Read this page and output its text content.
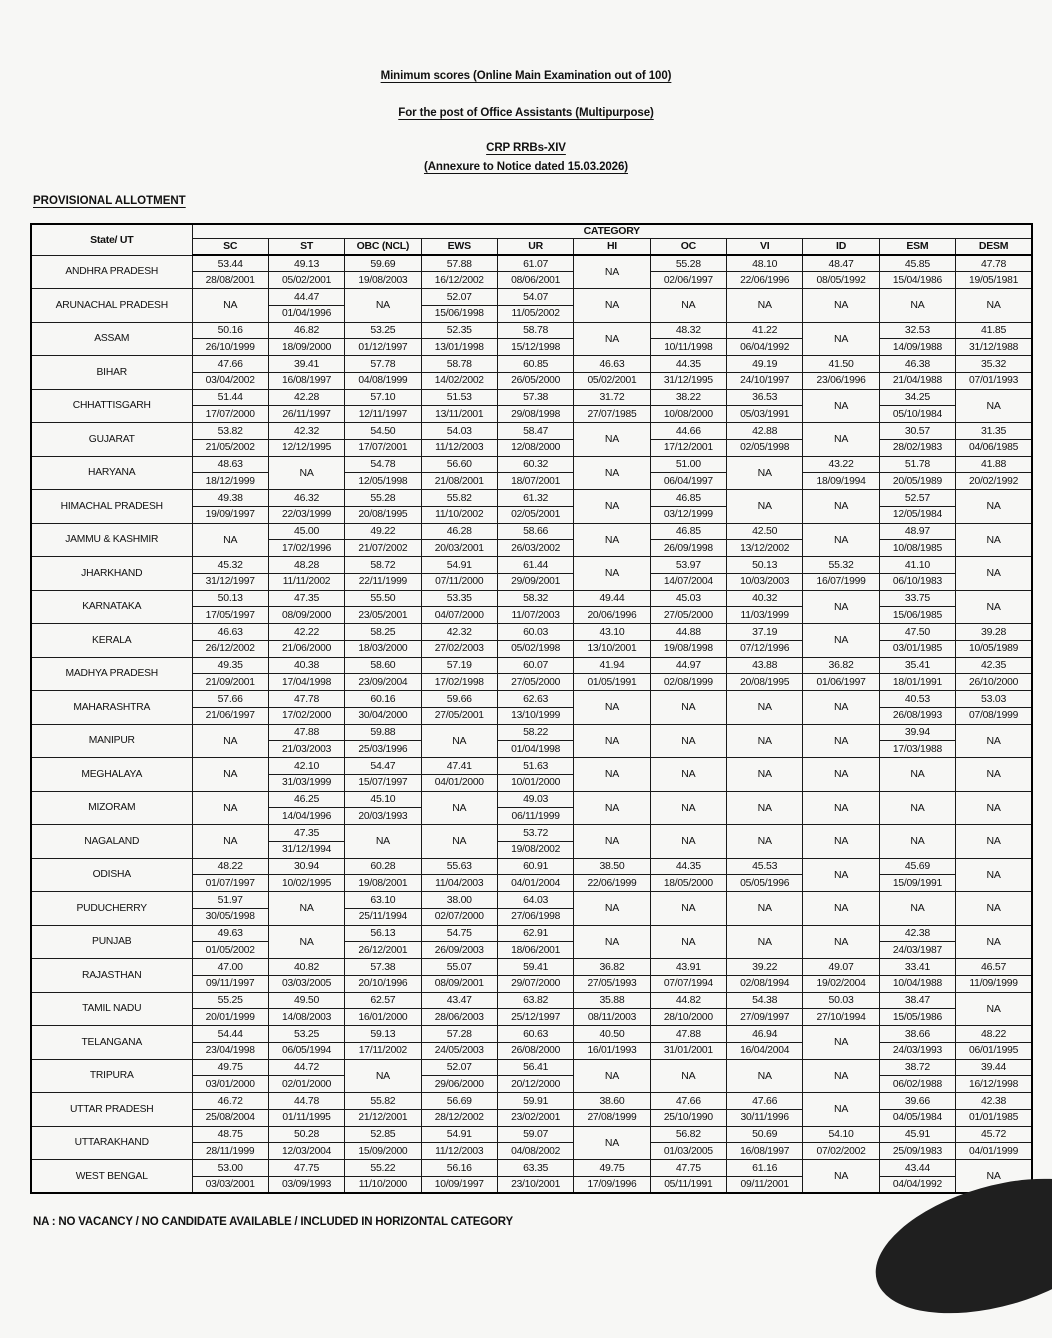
Minimum scores (Online Main Examination out of 100)
For the post of Office Assistants (Multipurpose)
CRP RRBs-XIV
(Annexure to Notice dated 15.03.2026)
PROVISIONAL ALLOTMENT
State/ UT	CATEGORY										
	SC	ST	OBC (NCL)	EWS	UR	HI	OC	VI	ID	ESM	DESM
ANDHRA PRADESH	53.44	49.13	59.69	57.88	61.07	NA	55.28	48.10	48.47	45.85	47.78
	28/08/2001	05/02/2001	19/08/2003	16/12/2002	08/06/2001		02/06/1997	22/06/1996	08/05/1992	15/04/1986	19/05/1981
ARUNACHAL PRADESH	NA	44.47	NA	52.07	54.07	NA	NA	NA	NA	NA	NA
		01/04/1996		15/06/1998	11/05/2002						
ASSAM	50.16	46.82	53.25	52.35	58.78	NA	48.32	41.22	NA	32.53	41.85
	26/10/1999	18/09/2000	01/12/1997	13/01/1998	15/12/1998		10/11/1998	06/04/1992		14/09/1988	31/12/1988
BIHAR	47.66	39.41	57.78	58.78	60.85	46.63	44.35	49.19	41.50	46.38	35.32
	03/04/2002	16/08/1997	04/08/1999	14/02/2002	26/05/2000	05/02/2001	31/12/1995	24/10/1997	23/06/1996	21/04/1988	07/01/1993
CHHATTISGARH	51.44	42.28	57.10	51.53	57.38	31.72	38.22	36.53	NA	34.25	NA
	17/07/2000	26/11/1997	12/11/1997	13/11/2001	29/08/1998	27/07/1985	10/08/2000	05/03/1991		05/10/1984	
GUJARAT	53.82	42.32	54.50	54.03	58.47	NA	44.66	42.88	NA	30.57	31.35
	21/05/2002	12/12/1995	17/07/2001	11/12/2003	12/08/2000		17/12/2001	02/05/1998		28/02/1983	04/06/1985
HARYANA	48.63	NA	54.78	56.60	60.32	NA	51.00	NA	43.22	51.78	41.88
	18/12/1999		12/05/1998	21/08/2001	18/07/2001		06/04/1997		18/09/1994	20/05/1989	20/02/1992
HIMACHAL PRADESH	49.38	46.32	55.28	55.82	61.32	NA	46.85	NA	NA	52.57	NA
	19/09/1997	22/03/1999	20/08/1995	11/10/2002	02/05/2001		03/12/1999			12/05/1984	
JAMMU & KASHMIR	NA	45.00	49.22	46.28	58.66	NA	46.85	42.50	NA	48.97	NA
		17/02/1996	21/07/2002	20/03/2001	26/03/2002		26/09/1998	13/12/2002		10/08/1985	
JHARKHAND	45.32	48.28	58.72	54.91	61.44	NA	53.97	50.13	55.32	41.10	NA
	31/12/1997	11/11/2002	22/11/1999	07/11/2000	29/09/2001		14/07/2004	10/03/2003	16/07/1999	06/10/1983	
KARNATAKA	50.13	47.35	55.50	53.35	58.32	49.44	45.03	40.32	NA	33.75	NA
	17/05/1997	08/09/2000	23/05/2001	04/07/2000	11/07/2003	20/06/1996	27/05/2000	11/03/1999		15/06/1985	
KERALA	46.63	42.22	58.25	42.32	60.03	43.10	44.88	37.19	NA	47.50	39.28
	26/12/2002	21/06/2000	18/03/2000	27/02/2003	05/02/1998	13/10/2001	19/08/1998	07/12/1996		03/01/1985	10/05/1989
MADHYA PRADESH	49.35	40.38	58.60	57.19	60.07	41.94	44.97	43.88	36.82	35.41	42.35
	21/09/2001	17/04/1998	23/09/2004	17/02/1998	27/05/2000	01/05/1991	02/08/1999	20/08/1995	01/06/1997	18/01/1991	26/10/2000
MAHARASHTRA	57.66	47.78	60.16	59.66	62.63	NA	NA	NA	NA	40.53	53.03
	21/06/1997	17/02/2000	30/04/2000	27/05/2001	13/10/1999					26/08/1993	07/08/1999
MANIPUR	NA	47.88	59.88	NA	58.22	NA	NA	NA	NA	39.94	NA
		21/03/2003	25/03/1996		01/04/1998					17/03/1988	
MEGHALAYA	NA	42.10	54.47	47.41	51.63	NA	NA	NA	NA	NA	NA
		31/03/1999	15/07/1997	04/01/2000	10/01/2000						
MIZORAM	NA	46.25	45.10	NA	49.03	NA	NA	NA	NA	NA	NA
		14/04/1996	20/03/1993		06/11/1999						
NAGALAND	NA	47.35	NA	NA	53.72	NA	NA	NA	NA	NA	NA
		31/12/1994			19/08/2002						
ODISHA	48.22	30.94	60.28	55.63	60.91	38.50	44.35	45.53	NA	45.69	NA
	01/07/1997	10/02/1995	19/08/2001	11/04/2003	04/01/2004	22/06/1999	18/05/2000	05/05/1996		15/09/1991	
PUDUCHERRY	51.97	NA	63.10	38.00	64.03	NA	NA	NA	NA	NA	NA
	30/05/1998		25/11/1994	02/07/2000	27/06/1998						
PUNJAB	49.63	NA	56.13	54.75	62.91	NA	NA	NA	NA	42.38	NA
	01/05/2002		26/12/2001	26/09/2003	18/06/2001					24/03/1987	
RAJASTHAN	47.00	40.82	57.38	55.07	59.41	36.82	43.91	39.22	49.07	33.41	46.57
	09/11/1997	03/03/2005	20/10/1996	08/09/2001	29/07/2000	27/05/1993	07/07/1994	02/08/1994	19/02/2004	10/04/1988	11/09/1999
TAMIL NADU	55.25	49.50	62.57	43.47	63.82	35.88	44.82	54.38	50.03	38.47	NA
	20/01/1999	14/08/2003	16/01/2000	28/06/2003	25/12/1997	08/11/2003	28/10/2000	27/09/1997	27/10/1994	15/05/1986	
TELANGANA	54.44	53.25	59.13	57.28	60.63	40.50	47.88	46.94	NA	38.66	48.22
	23/04/1998	06/05/1994	17/11/2002	24/05/2003	26/08/2000	16/01/1993	31/01/2001	16/04/2004		24/03/1993	06/01/1995
TRIPURA	49.75	44.72	NA	52.07	56.41	NA	NA	NA	NA	38.72	39.44
	03/01/2000	02/01/2000		29/06/2000	20/12/2000					06/02/1988	16/12/1998
UTTAR PRADESH	46.72	44.78	55.82	56.69	59.91	38.60	47.66	47.66	NA	39.66	42.38
	25/08/2004	01/11/1995	21/12/2001	28/12/2002	23/02/2001	27/08/1999	25/10/1990	30/11/1996		04/05/1984	01/01/1985
UTTARAKHAND	48.75	50.28	52.85	54.91	59.07	NA	56.82	50.69	54.10	45.91	45.72
	28/11/1999	12/03/2004	15/09/2000	11/12/2003	04/08/2002		01/03/2005	16/08/1997	07/02/2002	25/09/1983	04/01/1999
WEST BENGAL	53.00	47.75	55.22	56.16	63.35	49.75	47.75	61.16	NA	43.44	NA
	03/03/2001	03/09/1993	11/10/2000	10/09/1997	23/10/2001	17/09/1996	05/11/1991	09/11/2001		04/04/1992	
NA : NO VACANCY / NO CANDIDATE AVAILABLE / INCLUDED IN HORIZONTAL CATEGORY
